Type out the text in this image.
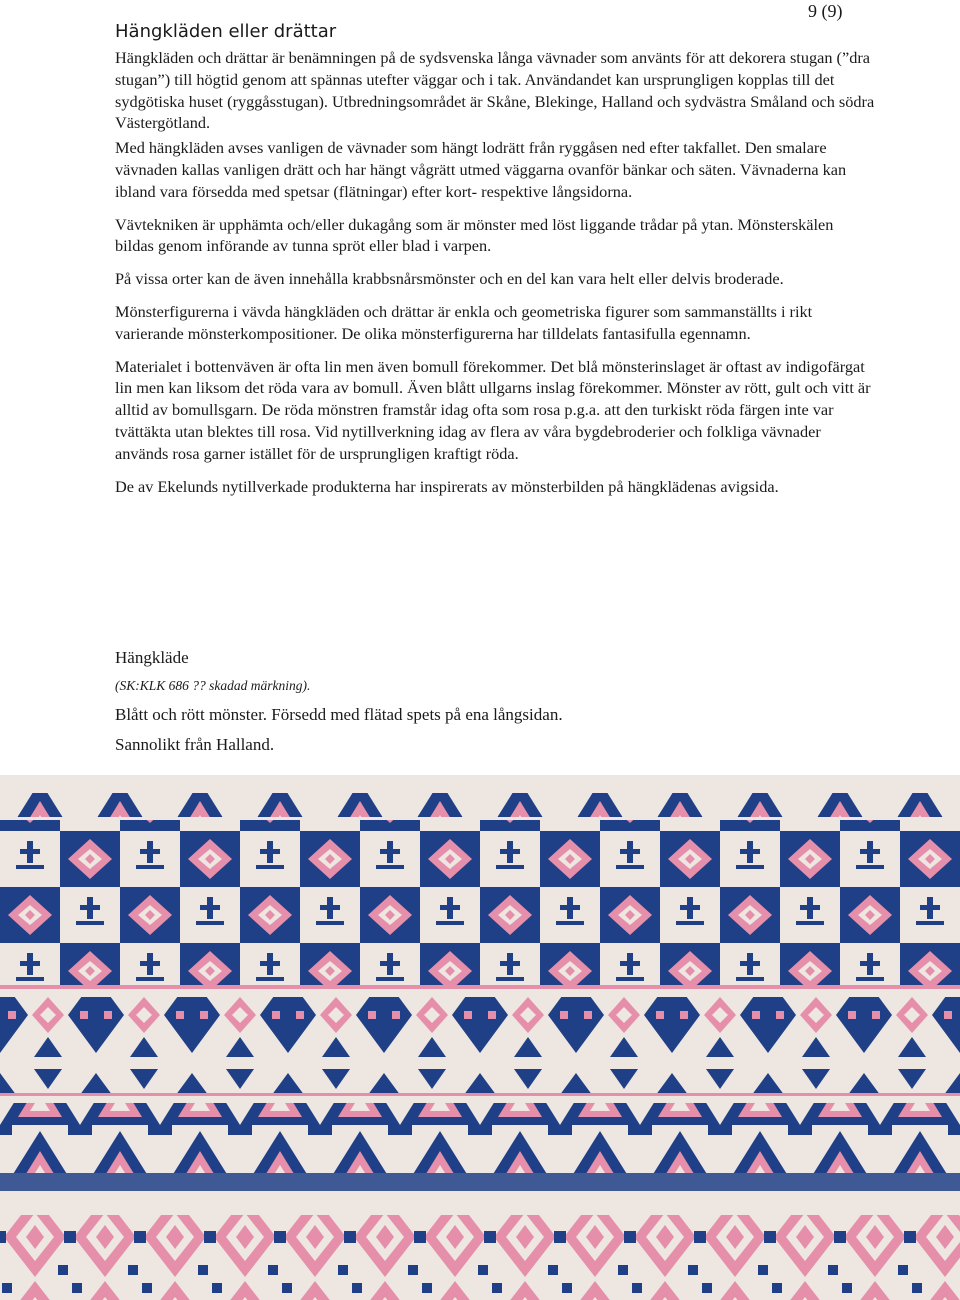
9 (9)
Hängkläden eller drättar

Hängkläden och drättar är benämningen på de sydsvenska långa vävnader som använts för att dekorera stugan (”dra stugan”) till högtid genom att spännas utefter väggar och i tak. Användandet kan ursprungligen kopplas till det sydgötiska huset (ryggåsstugan). Utbredningsområdet är Skåne, Blekinge, Halland och sydvästra Småland och södra Västergötland.

Med hängkläden avses vanligen de vävnader som hängt lodrätt från ryggåsen ned efter takfallet. Den smalare vävnaden kallas vanligen drätt och har hängt vågrätt utmed väggarna ovanför bänkar och säten. Vävnaderna kan ibland vara försedda med spetsar (flätningar) efter kort- respektive långsidorna.

Vävtekniken är upphämta och/eller dukagång som är mönster med löst liggande trådar på ytan. Mönsterskälen bildas genom införande av tunna spröt eller blad i varpen.

På vissa orter kan de även innehålla krabbsnårsmönster och en del kan vara helt eller delvis broderade.

Mönsterfigurerna i vävda hängkläden och drättar är enkla och geometriska figurer som sammanställts i rikt varierande mönsterkompositioner. De olika mönsterfigurerna har tilldelats fantasifulla egennamn.

Materialet i bottenväven är ofta lin men även bomull förekommer. Det blå mönsterinslaget är oftast av indigofärgat lin men kan liksom det röda vara av bomull. Även blått ullgarns inslag förekommer. Mönster av rött, gult och vitt är alltid av bomullsgarn. De röda mönstren framstår idag ofta som rosa p.g.a. att den turkiskt röda färgen inte var tvättäkta utan blektes till rosa. Vid nytillverkning idag av flera av våra bygdebroderier och folkliga vävnader används rosa garner istället för de ursprungligen kraftigt röda.

De av Ekelunds nytillverkade produkterna har inspirerats av mönsterbilden på hängklädenas avigsida.

Hängkläde

(SK:KLK 686 ?? skadad märkning).

Blått och rött mönster. Försedd med flätad spets på ena långsidan.

Sannolikt från Halland.
